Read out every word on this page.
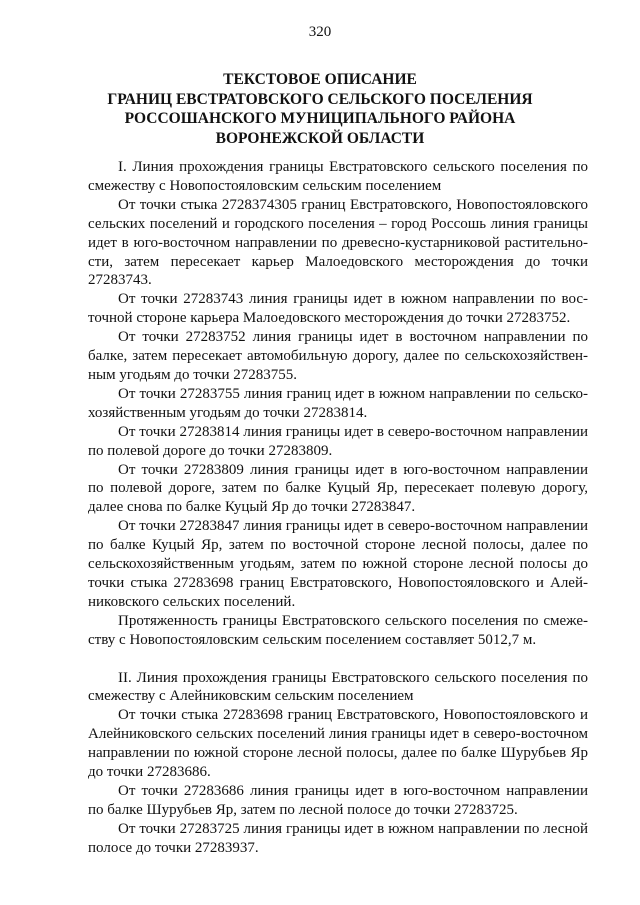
320
ТЕКСТОВОЕ ОПИСАНИЕ
ГРАНИЦ ЕВСТРАТОВСКОГО СЕЛЬСКОГО ПОСЕЛЕНИЯ
РОССОШАНСКОГО МУНИЦИПАЛЬНОГО РАЙОНА
ВОРОНЕЖСКОЙ ОБЛАСТИ

I. Линия прохождения границы Евстратовского сельского поселения по смежеству с Новопостояловским сельским поселением

От точки стыка 2728374305 границ Евстратовского, Новопостояловского сельских поселений и городского поселения – город Россошь линия границы идет в юго-восточном направлении по древесно-кустарниковой растительности, затем пересекает карьер Малоедовского месторождения до точки 27283743.

От точки 27283743 линия границы идет в южном направлении по восточной стороне карьера Малоедовского месторождения до точки 27283752.

От точки 27283752 линия границы идет в восточном направлении по балке, затем пересекает автомобильную дорогу, далее по сельскохозяйственным угодьям до точки 27283755.

От точки 27283755 линия границ идет в южном направлении по сельскохозяйственным угодьям до точки 27283814.

От точки 27283814 линия границы идет в северо-восточном направлении по полевой дороге до точки 27283809.

От точки 27283809 линия границы идет в юго-восточном направлении по полевой дороге, затем по балке Куцый Яр, пересекает полевую дорогу, далее снова по балке Куцый Яр до точки 27283847.

От точки 27283847 линия границы идет в северо-восточном направлении по балке Куцый Яр, затем по восточной стороне лесной полосы, далее по сельскохозяйственным угодьям, затем по южной стороне лесной полосы до точки стыка 27283698 границ Евстратовского, Новопостояловского и Алейниковского сельских поселений.

Протяженность границы Евстратовского сельского поселения по смежеству с Новопостояловским сельским поселением составляет 5012,7 м.

II. Линия прохождения границы Евстратовского сельского поселения по смежеству с Алейниковским сельским поселением

От точки стыка 27283698 границ Евстратовского, Новопостояловского и Алейниковского сельских поселений линия границы идет в северо-восточном направлении по южной стороне лесной полосы, далее по балке Шурубьев Яр до точки 27283686.

От точки 27283686 линия границы идет в юго-восточном направлении по балке Шурубьев Яр, затем по лесной полосе до точки 27283725.

От точки 27283725 линия границы идет в южном направлении по лесной полосе до точки 27283937.
